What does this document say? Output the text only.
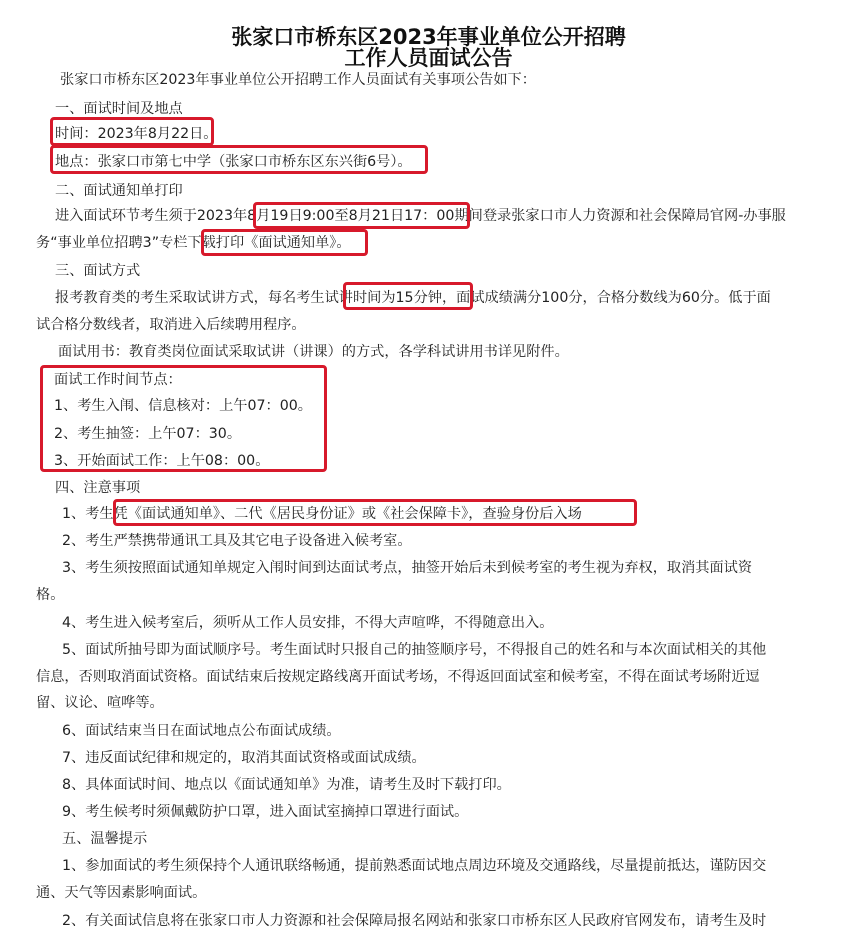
张家口市桥东区2023年事业单位公开招聘
工作人员面试公告
张家口市桥东区2023年事业单位公开招聘工作人员面试有关事项公告如下：
一、面试时间及地点
时间：2023年8月22日。
地点：张家口市第七中学（张家口市桥东区东兴街6号）。
二、面试通知单打印
进入面试环节考生须于2023年8月19日9:00至8月21日17：00期间登录张家口市人力资源和社会保障局官网-办事服
务“事业单位招聘3”专栏下载打印《面试通知单》。
三、面试方式
报考教育类的考生采取试讲方式，每名考生试讲时间为15分钟，面试成绩满分100分，合格分数线为60分。低于面
试合格分数线者，取消进入后续聘用程序。
面试用书：教育类岗位面试采取试讲（讲课）的方式，各学科试讲用书详见附件。
面试工作时间节点：
1、考生入闱、信息核对：上午07：00。
2、考生抽签：上午07：30。
3、开始面试工作：上午08：00。
四、注意事项
1、考生凭《面试通知单》、二代《居民身份证》或《社会保障卡》，查验身份后入场
2、考生严禁携带通讯工具及其它电子设备进入候考室。
3、考生须按照面试通知单规定入闱时间到达面试考点，抽签开始后未到候考室的考生视为弃权，取消其面试资
格。
4、考生进入候考室后，须听从工作人员安排，不得大声喧哗，不得随意出入。
5、面试所抽号即为面试顺序号。考生面试时只报自己的抽签顺序号，不得报自己的姓名和与本次面试相关的其他
信息，否则取消面试资格。面试结束后按规定路线离开面试考场，不得返回面试室和候考室，不得在面试考场附近逗
留、议论、喧哗等。
6、面试结束当日在面试地点公布面试成绩。
7、违反面试纪律和规定的，取消其面试资格或面试成绩。
8、具体面试时间、地点以《面试通知单》为准，请考生及时下载打印。
9、考生候考时须佩戴防护口罩，进入面试室摘掉口罩进行面试。
五、温馨提示
1、参加面试的考生须保持个人通讯联络畅通，提前熟悉面试地点周边环境及交通路线，尽量提前抵达，谨防因交
通、天气等因素影响面试。
2、有关面试信息将在张家口市人力资源和社会保障局报名网站和张家口市桥东区人民政府官网发布，请考生及时
